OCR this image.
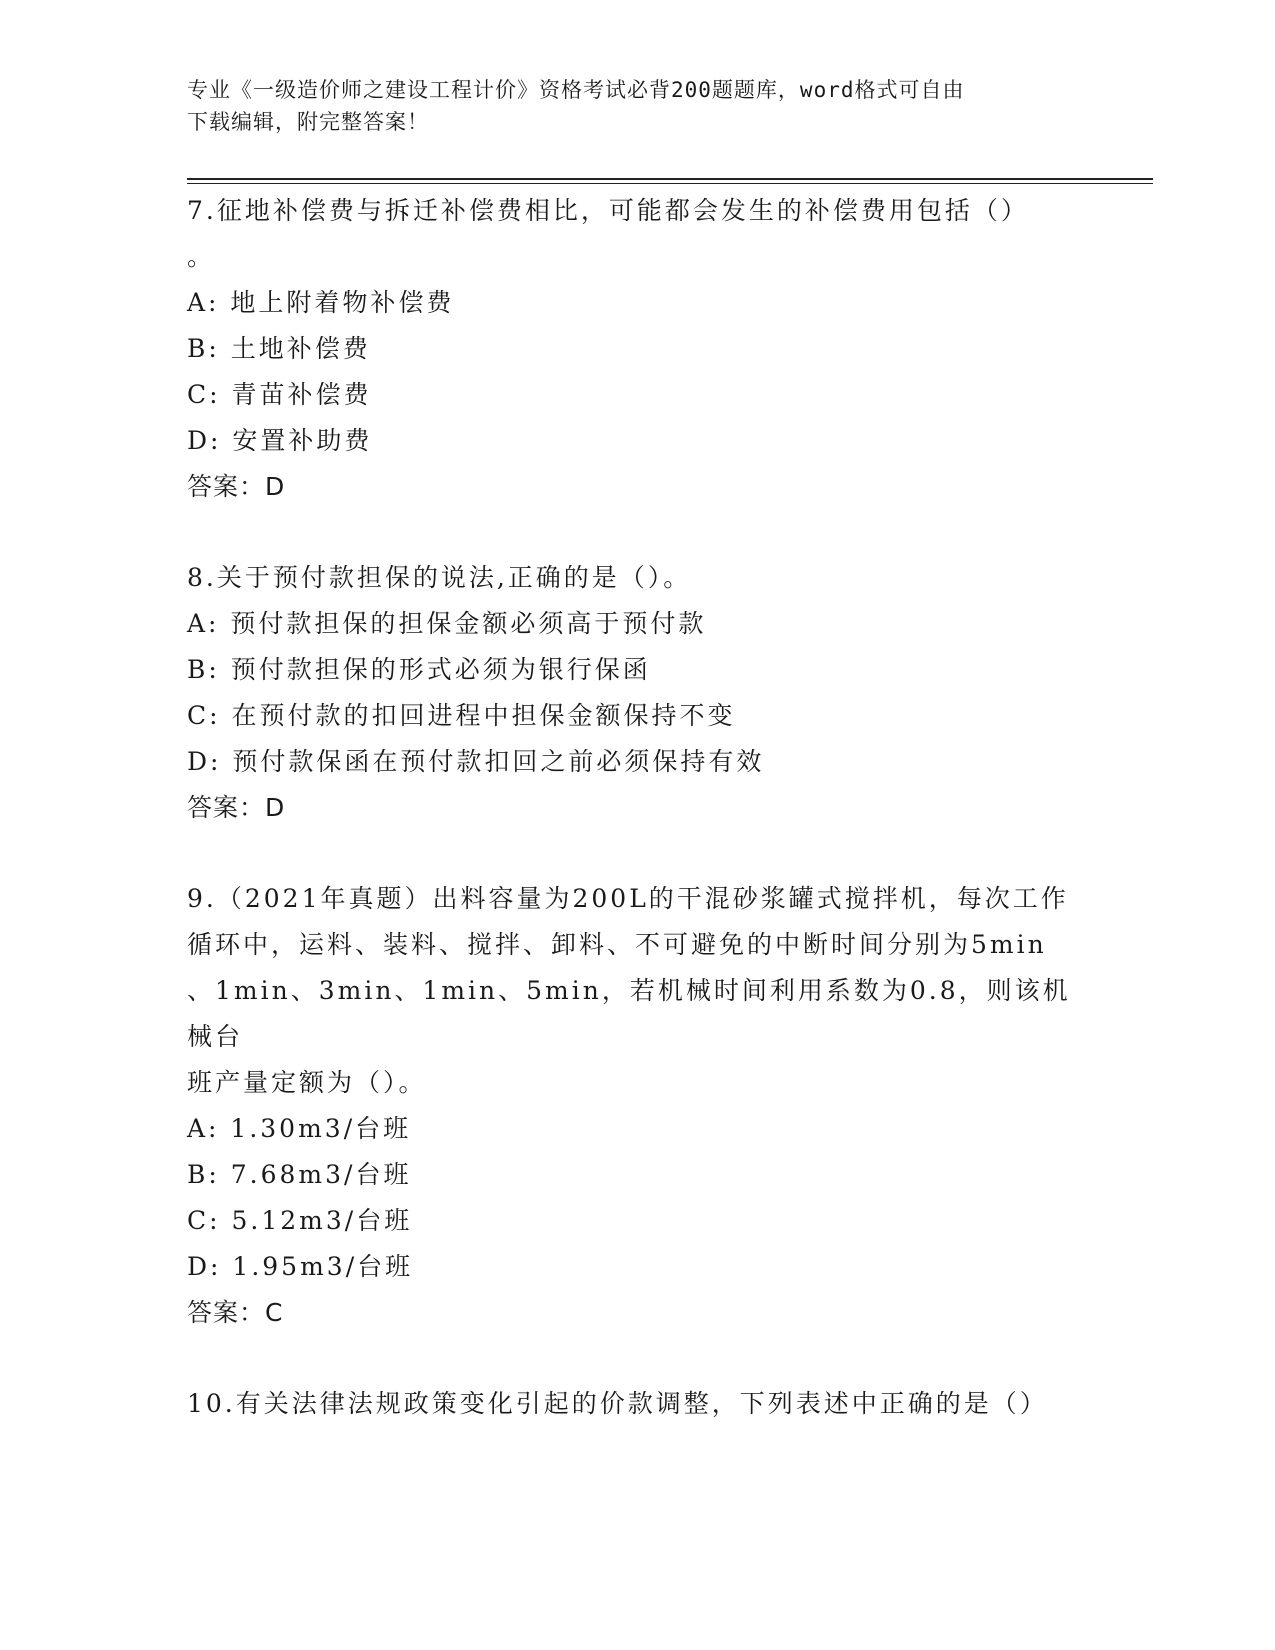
专业《一级造价师之建设工程计价》资格考试必背200题题库，word格式可自由
下载编辑，附完整答案！
7.征地补偿费与拆迁补偿费相比，可能都会发生的补偿费用包括（）
。
A: 地上附着物补偿费
B: 土地补偿费
C: 青苗补偿费
D: 安置补助费
答案：D
8.关于预付款担保的说法,正确的是（）。
A: 预付款担保的担保金额必须高于预付款
B: 预付款担保的形式必须为银行保函
C: 在预付款的扣回进程中担保金额保持不变
D: 预付款保函在预付款扣回之前必须保持有效
答案：D
9.（2021年真题）出料容量为200L的干混砂浆罐式搅拌机，每次工作
循环中，运料、装料、搅拌、卸料、不可避免的中断时间分别为5min
、1min、3min、1min、5min，若机械时间利用系数为0.8，则该机械台
班产量定额为（）。
A: 1.30m3/台班
B: 7.68m3/台班
C: 5.12m3/台班
D: 1.95m3/台班
答案：C
10.有关法律法规政策变化引起的价款调整，下列表述中正确的是（）
